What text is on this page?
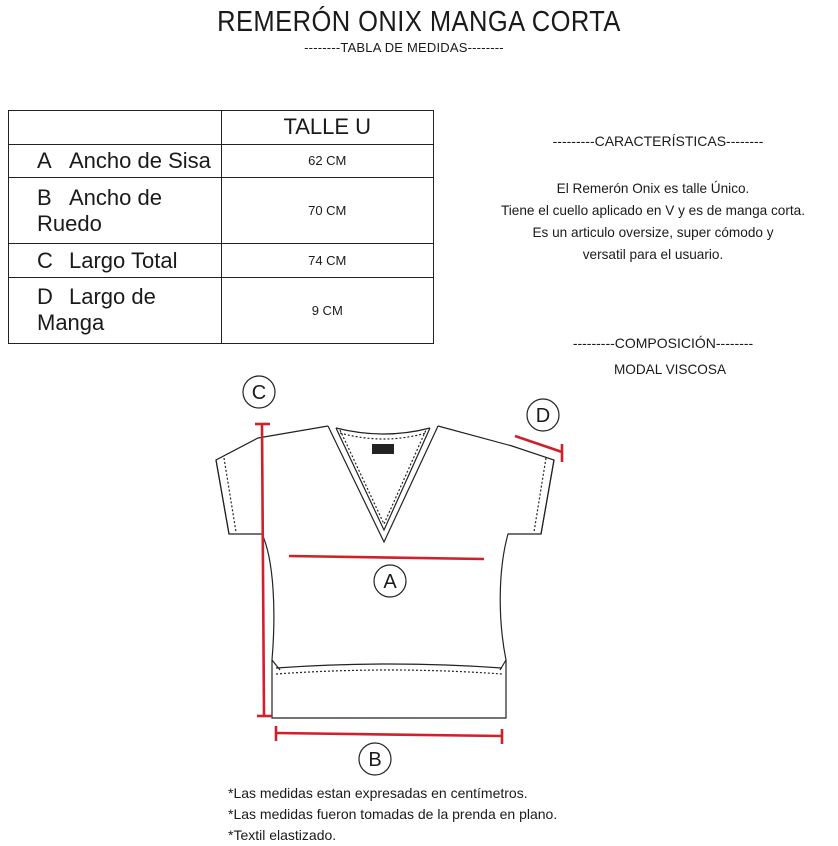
REMERÓN ONIX MANGA CORTA
--------TABLA DE MEDIDAS--------
	TALLE U
A Ancho de Sisa	62 CM
B Ancho de Ruedo	70 CM
C Largo Total	74 CM
D Largo de Manga	9 CM
---------CARACTERÍSTICAS--------
El Remerón Onix es talle Único.
Tiene el cuello aplicado en V y es de manga corta.
Es un articulo oversize, super cómodo y
versatil para el usuario.
---------COMPOSICIÓN--------
MODAL VISCOSA
A
B
C
D
*Las medidas estan expresadas en centímetros.
*Las medidas fueron tomadas de la prenda en plano.
*Textil elastizado.
